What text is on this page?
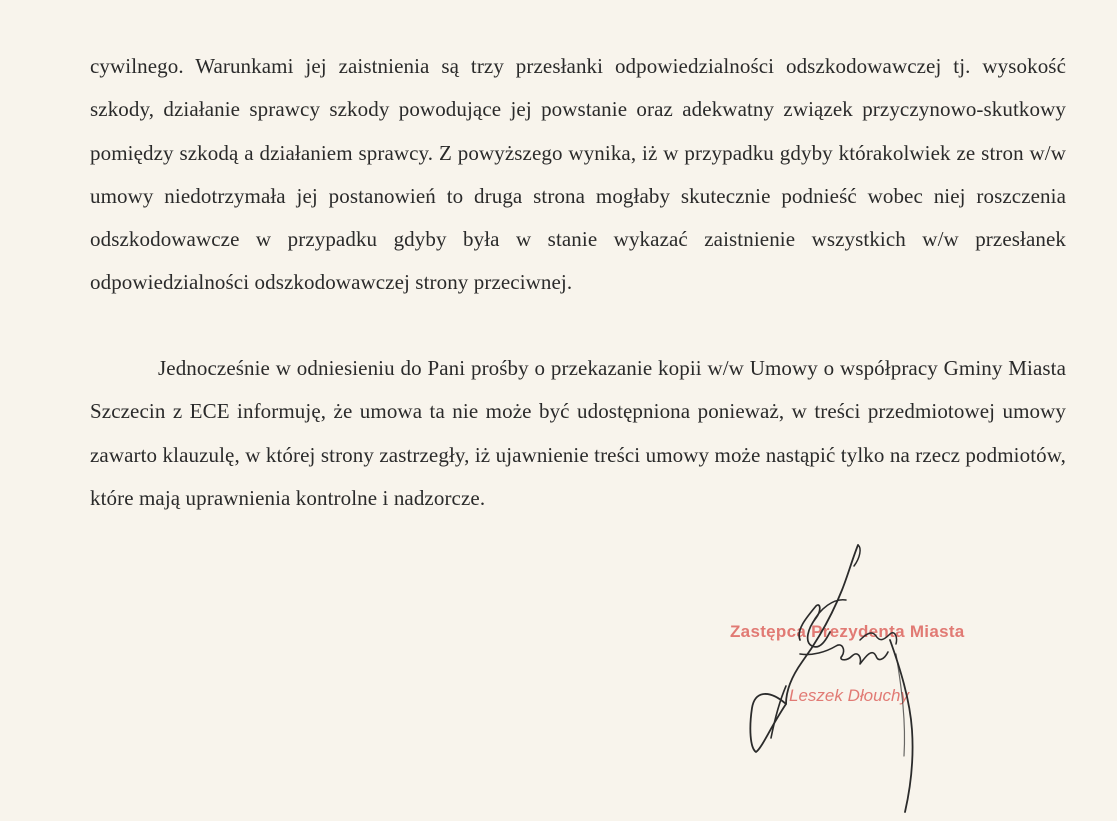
cywilnego. Warunkami jej zaistnienia są trzy przesłanki odpowiedzialności odszkodowawczej tj. wysokość szkody, działanie sprawcy szkody powodujące jej powstanie oraz adekwatny związek przyczynowo-skutkowy pomiędzy szkodą a działaniem sprawcy. Z powyższego wynika, iż w przypadku gdyby którakolwiek ze stron w/w umowy niedotrzymała jej postanowień to druga strona mogłaby skutecznie podnieść wobec niej roszczenia odszkodowawcze w przypadku gdyby była w stanie wykazać zaistnienie wszystkich w/w przesłanek odpowiedzialności odszkodowawczej strony przeciwnej.

Jednocześnie w odniesieniu do Pani prośby o przekazanie kopii w/w Umowy o współpracy Gminy Miasta Szczecin z ECE informuję, że umowa ta nie może być udostępniona ponieważ, w treści przedmiotowej umowy zawarto klauzulę, w której strony zastrzegły, iż ujawnienie treści umowy może nastąpić tylko na rzecz podmiotów, które mają uprawnienia kontrolne i nadzorcze.

Zastępca Prezydenta Miasta
Leszek Dłouchy
